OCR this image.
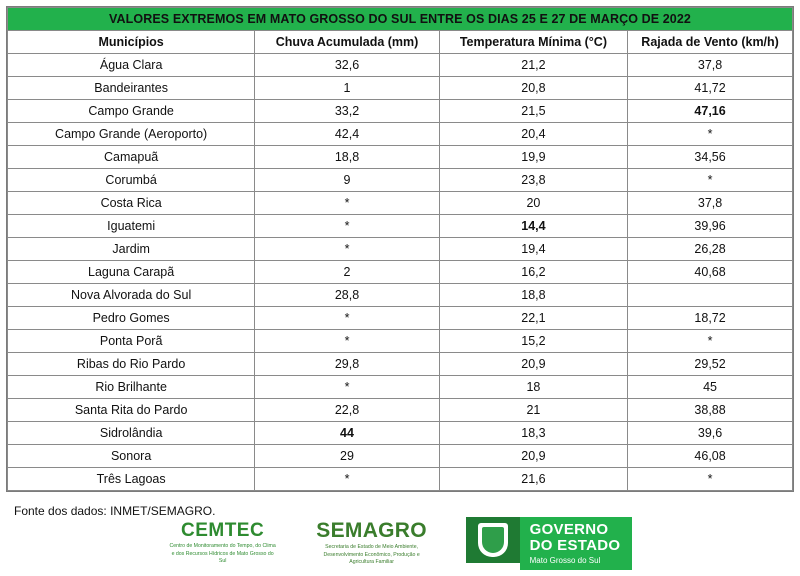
VALORES EXTREMOS EM MATO GROSSO DO SUL ENTRE OS DIAS 25 E 27 DE MARÇO DE 2022			
Municípios	Chuva Acumulada (mm)	Temperatura Mínima (°C)	Rajada de Vento (km/h)
Água Clara	32,6	21,2	37,8
Bandeirantes	1	20,8	41,72
Campo Grande	33,2	21,5	47,16
Campo Grande (Aeroporto)	42,4	20,4	*
Camapuã	18,8	19,9	34,56
Corumbá	9	23,8	*
Costa Rica	*	20	37,8
Iguatemi	*	14,4	39,96
Jardim	*	19,4	26,28
Laguna Carapã	2	16,2	40,68
Nova Alvorada do Sul	28,8	18,8	
Pedro Gomes	*	22,1	18,72
Ponta Porã	*	15,2	*
Ribas do Rio Pardo	29,8	20,9	29,52
Rio Brilhante	*	18	45
Santa Rita do Pardo	22,8	21	38,88
Sidrolândia	44	18,3	39,6
Sonora	29	20,9	46,08
Três Lagoas	*	21,6	*
Fonte dos dados: INMET/SEMAGRO.
CEMTEC
Centro de Monitoramento do Tempo, do Clima e dos Recursos Hídricos de Mato Grosso do Sul
SEMAGRO
Secretaria de Estado de Meio Ambiente, Desenvolvimento Econômico, Produção e Agricultura Familiar
GOVERNO
DO ESTADO
Mato Grosso do Sul
